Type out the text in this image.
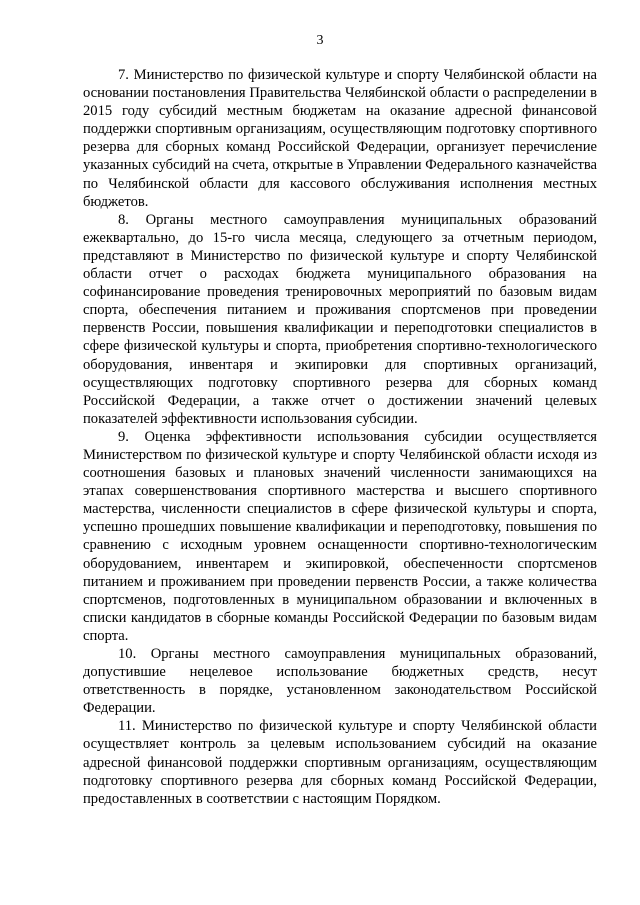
3

7. Министерство по физической культуре и спорту Челябинской области на основании постановления Правительства Челябинской области о распределении в 2015 году субсидий местным бюджетам на оказание адресной финансовой поддержки спортивным организациям, осуществляющим подготовку спортивного резерва для сборных команд Российской Федерации, организует перечисление указанных субсидий на счета, открытые в Управлении Федерального казначейства по Челябинской области для кассового обслуживания исполнения местных бюджетов.

8. Органы местного самоуправления муниципальных образований ежеквартально, до 15-го числа месяца, следующего за отчетным периодом, представляют в Министерство по физической культуре и спорту Челябинской области отчет о расходах бюджета муниципального образования на софинансирование проведения тренировочных мероприятий по базовым видам спорта, обеспечения питанием и проживания спортсменов при проведении первенств России, повышения квалификации и переподготовки специалистов в сфере физической культуры и спорта, приобретения спортивно-технологического оборудования, инвентаря и экипировки для спортивных организаций, осуществляющих подготовку спортивного резерва для сборных команд Российской Федерации, а также отчет о достижении значений целевых показателей эффективности использования субсидии.

9. Оценка эффективности использования субсидии осуществляется Министерством по физической культуре и спорту Челябинской области исходя из соотношения базовых и плановых значений численности занимающихся на этапах совершенствования спортивного мастерства и высшего спортивного мастерства, численности специалистов в сфере физической культуры и спорта, успешно прошедших повышение квалификации и переподготовку, повышения по сравнению с исходным уровнем оснащенности спортивно-технологическим оборудованием, инвентарем и экипировкой, обеспеченности спортсменов питанием и проживанием при проведении первенств России, а также количества спортсменов, подготовленных в муниципальном образовании и включенных в списки кандидатов в сборные команды Российской Федерации по базовым видам спорта.

10. Органы местного самоуправления муниципальных образований, допустившие нецелевое использование бюджетных средств, несут ответственность в порядке, установленном законодательством Российской Федерации.

11. Министерство по физической культуре и спорту Челябинской области осуществляет контроль за целевым использованием субсидий на оказание адресной финансовой поддержки спортивным организациям, осуществляющим подготовку спортивного резерва для сборных команд Российской Федерации, предоставленных в соответствии с настоящим Порядком.
